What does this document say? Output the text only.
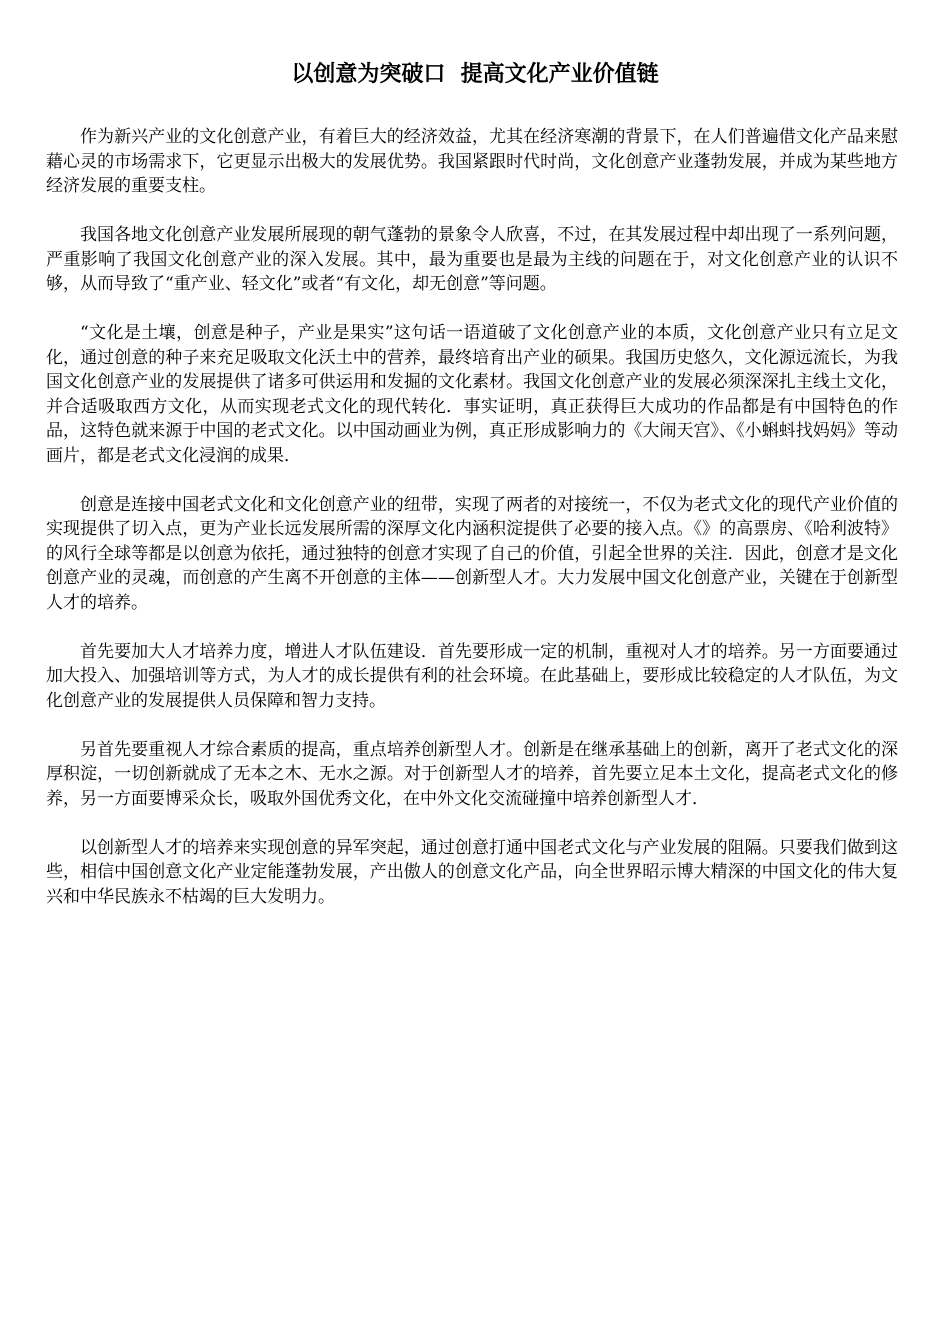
以创意为突破口  提高文化产业价值链

作为新兴产业的文化创意产业，有着巨大的经济效益，尤其在经济寒潮的背景下，在人们普遍借文化产品来慰藉心灵的市场需求下，它更显示出极大的发展优势。我国紧跟时代时尚，文化创意产业蓬勃发展，并成为某些地方经济发展的重要支柱。

我国各地文化创意产业发展所展现的朝气蓬勃的景象令人欣喜，不过，在其发展过程中却出现了一系列问题，严重影响了我国文化创意产业的深入发展。其中，最为重要也是最为主线的问题在于，对文化创意产业的认识不够，从而导致了“重产业、轻文化”或者“有文化，却无创意”等问题。

“文化是土壤，创意是种子，产业是果实”这句话一语道破了文化创意产业的本质，文化创意产业只有立足文化，通过创意的种子来充足吸取文化沃土中的营养，最终培育出产业的硕果。我国历史悠久，文化源远流长，为我国文化创意产业的发展提供了诸多可供运用和发掘的文化素材。我国文化创意产业的发展必须深深扎主线土文化，并合适吸取西方文化，从而实现老式文化的现代转化．事实证明，真正获得巨大成功的作品都是有中国特色的作品，这特色就来源于中国的老式文化。以中国动画业为例，真正形成影响力的《大闹天宫》、《小蝌蚪找妈妈》等动画片，都是老式文化浸润的成果．

创意是连接中国老式文化和文化创意产业的纽带，实现了两者的对接统一，不仅为老式文化的现代产业价值的实现提供了切入点，更为产业长远发展所需的深厚文化内涵积淀提供了必要的接入点。《》的高票房、《哈利波特》的风行全球等都是以创意为依托，通过独特的创意才实现了自己的价值，引起全世界的关注．因此，创意才是文化创意产业的灵魂，而创意的产生离不开创意的主体——创新型人才。大力发展中国文化创意产业，关键在于创新型人才的培养。

首先要加大人才培养力度，增进人才队伍建设．首先要形成一定的机制，重视对人才的培养。另一方面要通过加大投入、加强培训等方式，为人才的成长提供有利的社会环境。在此基础上，要形成比较稳定的人才队伍，为文化创意产业的发展提供人员保障和智力支持。

另首先要重视人才综合素质的提高，重点培养创新型人才。创新是在继承基础上的创新，离开了老式文化的深厚积淀，一切创新就成了无本之木、无水之源。对于创新型人才的培养，首先要立足本土文化，提高老式文化的修养，另一方面要博采众长，吸取外国优秀文化，在中外文化交流碰撞中培养创新型人才．

以创新型人才的培养来实现创意的异军突起，通过创意打通中国老式文化与产业发展的阻隔。只要我们做到这些，相信中国创意文化产业定能蓬勃发展，产出傲人的创意文化产品，向全世界昭示博大精深的中国文化的伟大复兴和中华民族永不枯竭的巨大发明力。
